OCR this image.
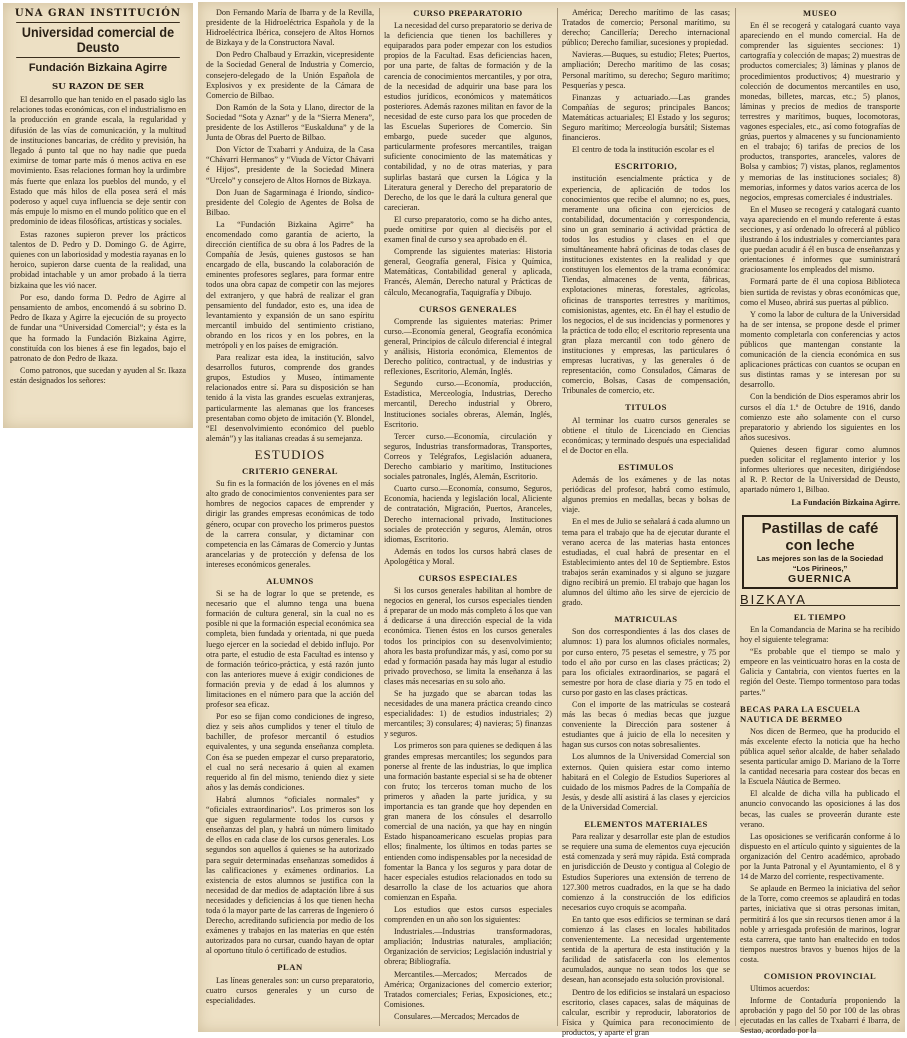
UNA GRAN INSTITUCIÓN
Universidad comercial de Deusto
Fundación Bizkaina Agirre
SU RAZON DE SER

El desarrollo que han tenido en el pasado siglo las relaciones todas económicas, con el industrialismo en la producción en grande escala, la regularidad y difusión de las vías de comunicación, y la multitud de instituciones bancarias, de crédito y previsión, ha llegado á punto tal que no hay nadie que pueda eximirse de tomar parte más ó menos activa en ese movimiento. Esas relaciones forman hoy la urdimbre más fuerte que enlaza los pueblos del mundo, y el Estado que más hilos de ella posea será el más poderoso y aquel cuya influencia se deje sentir con más empuje lo mismo en el mundo político que en el predominio de ideas filosóficas, artísticas y sociales.

Estas razones supieron prever los prácticos talentos de D. Pedro y D. Domingo G. de Agirre, quienes con un laboriosidad y modestia rayanas en lo heroico, supieron darse cuenta de la realidad, una probidad intachable y un amor probado á la tierra bizkaina que les vió nacer.

Por eso, dando forma D. Pedro de Agirre al pensamiento de ambos, encomendó á su sobrino D. Pedro de Ikaza y Agirre la ejecución de su proyecto de fundar una “Universidad Comercial”; y ésta es la que ha formado la Fundación Bizkaina Agirre, constituída con los bienes á ese fin legados, bajo el patronato de don Pedro de Ikaza.

Como patronos, que sucedan y ayuden al Sr. Ikaza están designados los señores:

Don Fernando María de Ibarra y de la Revilla, presidente de la Hidroeléctrica Española y de la Hidroeléctrica Ibérica, consejero de Altos Hornos de Bizkaya y de la Constructora Naval.

Don Pedro Chalbaud y Errazkin, vicepresidente de la Sociedad General de Industria y Comercio, consejero-delegado de la Unión Española de Explosivos y ex presidente de la Cámara de Comercio de Bilbao.

Don Ramón de la Sota y Llano, director de la Sociedad “Sota y Aznar” y de la “Sierra Menera”, presidente de los Astilleros “Euskalduna” y de la Junta de Obras del Puerto de Bilbao.

Don Víctor de Txabarri y Anduiza, de la Casa “Chávarri Hermanos” y “Viuda de Víctor Chávarri é Hijos”, presidente de la Sociedad Minera “Urcelo” y consejero de Altos Hornos de Bizkaya.

Don Juan de Sagarminaga é Iriondo, síndico-presidente del Colegio de Agentes de Bolsa de Bilbao.

La “Fundación Bizkaina Agirre” ha encomendado como garantía de acierto, la dirección científica de su obra á los Padres de la Compañía de Jesús, quienes gustosos se han encargado de ella, buscando la colaboración de eminentes profesores seglares, para formar entre todos una obra capaz de competir con las mejores del extranjero, y que habrá de realizar el gran pensamiento del fundador, esto es, una idea de levantamiento y expansión de un sano espíritu mercantil imbuido del sentimiento cristiano, obrando en los ricos y en los pobres, en la metrópoli y en los países de emigración.

Para realizar esta idea, la institución, salvo desarrollos futuros, comprende dos grandes grupos, Estudios y Museo, íntimamente relacionados entre sí. Para su disposición se han tenido á la vista las grandes escuelas extranjeras, particularmente las alemanas que los franceses presentaban como objeto de imitación (Y. Blondel, “El desenvolvimiento económico del pueblo alemán”) y las italianas creadas á su semejanza.

ESTUDIOS
CRITERIO GENERAL

Su fin es la formación de los jóvenes en el más alto grado de conocimientos convenientes para ser hombres de negocios capaces de emprender y dirigir las grandes empresas económicas de todo género, ocupar con provecho los primeros puestos de la carrera consular, y dictaminar con competencia en las Cámaras de Comercio y Juntas arancelarias y de protección y defensa de los intereses económicos generales.

ALUMNOS

Si se ha de lograr lo que se pretende, es necesario que el alumno tenga una buena formación de cultura general, sin la cual no es posible ni que la formación especial económica sea completa, bien fundada y orientada, ni que pueda luego ejercer en la sociedad el debido influjo. Por otra parte, el estudio de esta Facultad es intenso y de formación teórico-práctica, y está razón junto con las anteriores mueve á exigir condiciones de formación previa y de edad á los alumnos y limitaciones en el número para que la acción del profesor sea eficaz.

Por eso se fijan como condiciones de ingreso, diez y seis años cumplidos y tener el título de bachiller, de profesor mercantil ó estudios equivalentes, y una segunda enseñanza completa. Con ésa se pueden empezar el curso preparatorio, el cual no será necesario á quien al examen requerido al fin del mismo, teniendo diez y siete años y las demás condiciones.

Habrá alumnos “oficiales normales” y “oficiales extraordinarios”. Los primeros son los que siguen regularmente todos los cursos y enseñanzas del plan, y habrá un número limitado de ellos en cada clase de los cursos generales. Los segundos son aquellos á quienes se ha autorizado para seguir determinadas enseñanzas somedidos á las calificaciones y exámenes ordinarios. La existencia de estos alumnos se justifica con la necesidad de dar medios de adaptación libre á sus necesidades y deficiencias á los que tienen hecha toda ó la mayor parte de las carreras de Ingeniero ó Derecho, acreditando suficiencia por medio de los exámenes y trabajos en las materias en que estén autorizados para no cursar, cuando hayan de optar al oportuno título ó certificado de estudios.

PLAN

Las líneas generales son: un curso preparatorio, cuatro cursos generales y un curso de especialidades.

CURSO PREPARATORIO

La necesidad del curso preparatorio se deriva de la deficiencia que tienen los bachilleres y equiparados para poder empezar con los estudios propios de la Facultad. Esas deficiencias hacen, por una parte, de faltas de formación y de la carencia de conocimientos mercantiles, y por otra, de la necesidad de adquirir una base para los estudios jurídicos, económicos y matemáticos posteriores. Además razones militan en favor de la necesidad de este curso para los que proceden de las Escuelas Superiores de Comercio. Sin embargo, puede suceder que algunos, particularmente profesores mercantiles, traigan suficiente conocimiento de las matemáticas y contabilidad, y no de otras materias, y para suplirlas bastará que cursen la Lógica y la Literatura general y Derecho del preparatorio de Derecho, de los que le dará la cultura general que carecieran.

El curso preparatorio, como se ha dicho antes, puede omitirse por quien al dieciséis por el examen final de curso y sea aprobado en él.

Comprende las siguientes materias: Historia general, Geografía general, Física y Química, Matemáticas, Contabilidad general y aplicada, Francés, Alemán, Derecho natural y Prácticas de cálculo, Mecanografía, Taquigrafía y Dibujo.

CURSOS GENERALES

Comprende las siguientes materias: Primer curso.—Economía general, Geografía económica general, Principios de cálculo diferencial é integral y análisis, Historia económica, Elementos de Derecho político, contractual, y de industrias y reflexiones, Escritorio, Alemán, Inglés.

Segundo curso.—Economía, producción, Estadística, Merceología, Industrias, Derecho mercantil, Derecho industrial y Obrero, Instituciones sociales obreras, Alemán, Inglés, Escritorio.

Tercer curso.—Economía, circulación y seguros, Industrias transformadoras, Transportes, Correos y Telégrafos, Legislación aduanera, Derecho cambiario y marítimo, Instituciones sociales patronales, Inglés, Alemán, Escritorio.

Cuarto curso.—Economía, consumo, Seguros, Economía, hacienda y legislación local, Aliciente de contratación, Migración, Puertos, Aranceles, Derecho internacional privado, Instituciones sociales de protección y seguros, Alemán, otros idiomas, Escritorio.

Además en todos los cursos habrá clases de Apologética y Moral.

CURSOS ESPECIALES

Si los cursos generales habilitan al hombre de negocios en general, los cursos especiales tienden á preparar de un modo más completo á los que van á dedicarse á una dirección especial de la vida económica. Tienen éstos en los cursos generales todos los principios con su desenvolvimiento; ahora les basta profundizar más, y así, como por su edad y formación pasada hay más lugar al estudio privado provechoso, se limita la enseñanza á las clases más necesarias en su solo año.

Se ha juzgado que se abarcan todas las necesidades de una manera práctica creando cinco especialidades: 1) de estudios industriales; 2) mercantiles; 3) consulares; 4) navieras; 5) finanzas y seguros.

Los primeros son para quienes se dediquen á las grandes empresas mercantiles; los segundos para ponerse al frente de las industrias, lo que implica una formación bastante especial si se ha de obtener con fruto; los terceros toman mucho de los primeros y añaden la parte jurídica, y su importancia es tan grande que hoy dependen en gran manera de los cónsules el desarrollo comercial de una nación, ya que hay en ningún Estado hispanoamericano escuelas propias para ellos; finalmente, los últimos en todas partes se entienden como indispensables por la necesidad de fomentar la Banca y los seguros y para dotar de hacer especiales estudios relacionados en todo su desarrollo la clase de los actuarios que ahora comienzan en España.

Los estudios que estos cursos especiales comprenden en un año son los siguientes:

Industriales.—Industrias transformadoras, ampliación; Industrias naturales, ampliación; Organización de servicios; Legislación industrial y obrera; Bibliografía.

Mercantiles.—Mercados; Mercados de América; Organizaciones del comercio exterior; Tratados comerciales; Ferias, Exposiciones, etc.; Comisiones.

Consulares.—Mercados; Mercados de

América; Derecho marítimo de las casas; Tratados de comercio; Personal marítimo, su derecho; Cancillería; Derecho internacional público; Derecho familiar, sucesiones y propiedad.

Navieras.—Buques, su estudio; Fletes; Puertos, ampliación; Derecho marítimo de las cosas; Personal marítimo, su derecho; Seguro marítimo; Pesquerías y pesca.

Finanzas y actuariado.—Las grandes Compañías de seguros; principales Bancos; Matemáticas actuariales; El Estado y los seguros; Seguro marítimo; Merceología bursátil; Sistemas financieros.

El centro de toda la institución escolar es el

ESCRITORIO,

institución esencialmente práctica y de experiencia, de aplicación de todos los conocimientos que recibe el alumno; no es, pues, meramente una oficina con ejercicios de contabilidad, documentación y correspondencia, sino un gran seminario á actividad práctica de todos los estudios y clases en el que simultáneamente habrá oficinas de todas clases de instituciones existentes en la realidad y que constituyen los elementos de la trama económica: Tiendas, almacenes de venta, fábricas, explotaciones mineras, forestales, agrícolas, oficinas de transportes terrestres y marítimos, comisionistas, agentes, etc. En él hay el estudio de los negocios, el de sus incidencias y pormenores y la práctica de todo ello; el escritorio representa una gran plaza mercantil con todo género de instituciones y empresas, las particulares ó empresas lucrativas, y las generales ó de representación, como Consulados, Cámaras de comercio, Bolsas, Casas de compensación, Tribunales de comercio, etc.

TITULOS

Al terminar los cuatro cursos generales se obtiene el título de Licenciado en Ciencias económicas; y terminado después una especialidad el de Doctor en ella.

ESTIMULOS

Además de los exámenes y de las notas periódicas del profesor, habrá como estímulo, algunos premios en medallas, becas y bolsas de viaje.

En el mes de Julio se señalará á cada alumno un tema para el trabajo que ha de ejecutar durante el verano acerca de las materias hasta entonces estudiadas, el cual habrá de presentar en el Establecimiento antes del 10 de Septiembre. Estos trabajos serán examinados y si alguno se juzgare digno recibirá un premio. El trabajo que hagan los alumnos del último año les sirve de ejercicio de grado.

MATRICULAS

Son dos correspondientes á las dos clases de alumnos: 1) para los alumnos oficiales normales, por curso entero, 75 pesetas el semestre, y 75 por todo el año por curso en las clases prácticas; 2) para los oficiales extraordinarios, se pagará el semestre por hora de clase diaria y 75 en todo el curso por gasto en las clases prácticas.

Con el importe de las matrículas se costeará más las becas ó medias becas que juzgue conveniente la Dirección para sostener á estudiantes que á juicio de ella lo necesiten y hagan sus cursos con notas sobresalientes.

Los alumnos de la Universidad Comercial son externos. Quien quisiera estar como interno habitará en el Colegio de Estudios Superiores al cuidado de los mismos Padres de la Compañía de Jesús, y desde allí asistirá á las clases y ejercicios de la Universidad Comercial.

ELEMENTOS MATERIALES

Para realizar y desarrollar este plan de estudios se requiere una suma de elementos cuya ejecución está comenzada y será muy rápida. Está comprada en jurisdicción de Deusto y contigua al Colegio de Estudios Superiores una extensión de terreno de 127.300 metros cuadrados, en la que se ha dado comienzo á la construcción de los edificios necesarios cuyo croquis se acompaña.

En tanto que esos edificios se terminan se dará comienzo á las clases en locales habilitados convenientemente. La necesidad urgentemente sentida de la apertura de esta institución y la facilidad de satisfacerla con los elementos acumulados, aunque no sean todos los que se desean, han aconsejado esta solución provisional.

Dentro de los edificios se instalará un espacioso escritorio, clases capaces, salas de máquinas de calcular, escribir y reproducir, laboratorios de Física y Química para reconocimiento de productos, y aparte el gran

MUSEO

En él se recogerá y catalogará cuanto vaya apareciendo en el mundo comercial. Ha de comprender las siguientes secciones: 1) cartografía y colección de mapas; 2) muestras de productos comerciales; 3) láminas y planos de procedimientos productivos; 4) muestrario y colección de documentos mercantiles en uso, monedas, billetes, marcas, etc.; 5) planos, láminas y precios de medios de transporte terrestres y marítimos, buques, locomotoras, vagones especiales, etc., así como fotografías de grúas, puertos y almacenes y su funcionamiento en el trabajo; 6) tarifas de precios de los productos, transportes, aranceles, valores de Bolsa y cambios; 7) vistas, planos, reglamentos y memorias de las instituciones sociales; 8) memorias, informes y datos varios acerca de los negocios, empresas comerciales é industriales.

En el Museo se recogerá y catalogará cuanto vaya apareciendo en el mundo referente á estas secciones, y así ordenado lo ofrecerá al público ilustrando á los industriales y comerciantes para que puedan acudir á él en busca de enseñanzas y orientaciones é informes que suministrará graciosamente los empleados del mismo.

Formará parte de él una copiosa Biblioteca bien surtida de revistas y obras económicas que, como el Museo, abrirá sus puertas al público.

Y como la labor de cultura de la Universidad ha de ser intensa, se propone desde el primer momento completarla con conferencias y actos públicos que mantengan constante la comunicación de la ciencia económica en sus aplicaciones prácticas con cuantos se ocupan en sus distintas ramas y se interesan por su desarrollo.

Con la bendición de Dios esperamos abrir los cursos el día 1.º de Octubre de 1916, dando comienzo este año solamente con el curso preparatorio y abriendo los siguientes en los años sucesivos.

Quienes deseen figurar como alumnos pueden solicitar el reglamento interior y los informes ulteriores que necesiten, dirigiéndose al R. P. Rector de la Universidad de Deusto, apartado número 1, Bilbao.

La Fundación Bizkaina Agirre.
Pastillas de café
con leche
Las mejores son las de la Sociedad “Los Pirineos,”
GUERNICA
BIZKAYA
EL TIEMPO

En la Comandancia de Marina se ha recibido hoy el siguiente telegrama:

“Es probable que el tiempo se malo y empeore en las veinticuatro horas en la costa de Galicia y Cantabria, con vientos fuertes en la región del Oeste. Tiempo tormentoso para todas partes.”

BECAS PARA LA ESCUELA NAUTICA DE BERMEO

Nos dicen de Bermeo, que ha producido el más excelente efecto la noticia que ha hecho pública aquel señor alcalde, de haber señalado sesenta particular amigo D. Mariano de la Torre la cantidad necesaria para costear dos becas en la Escuela Náutica de Bermeo.

El alcalde de dicha villa ha publicado el anuncio convocando las oposiciones á las dos becas, las cuales se proveerán durante este verano.

Las oposiciones se verificarán conforme á lo dispuesto en el artículo quinto y siguientes de la organización del Centro académico, aprobado por la Junta Patronal y el Ayuntamiento, el 8 y 14 de Marzo del corriente, respectivamente.

Se aplaude en Bermeo la iniciativa del señor de la Torre, como creemos se aplaudirá en todas partes, iniciativa que si otras personas imitan, permitirá á los que sin recursos tienen amor á la noble y arriesgada profesión de marinos, lograr esta carrera, que tanto han enaltecido en todos tiempos nuestros bravos y buenos hijos de la costa.

COMISION PROVINCIAL

Ultimos acuerdos:

Informe de Contaduría proponiendo la aprobación y pago del 50 por 100 de las obras ejecutadas en las calles de Txabarri é Ibarra, de Sestao, acordado por la
